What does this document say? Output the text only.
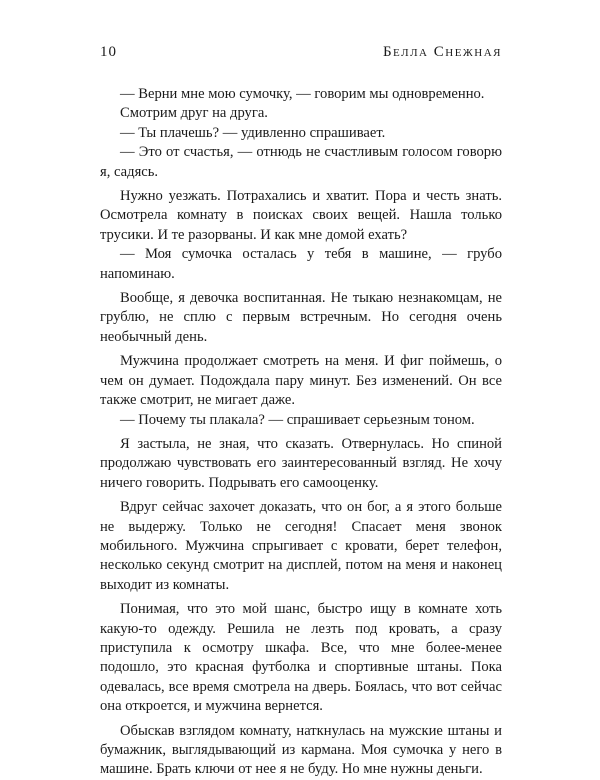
10	Белла Снежная

— Верни мне мою сумочку, — говорим мы одновременно.

Смотрим друг на друга.

— Ты плачешь? — удивленно спрашивает.

— Это от счастья, — отнюдь не счастливым голосом говорю я, садясь.

Нужно уезжать. Потрахались и хватит. Пора и честь знать. Осмотрела комнату в поисках своих вещей. Нашла только трусики. И те разорваны. И как мне домой ехать?

— Моя сумочка осталась у тебя в машине, — грубо напоминаю.

Вообще, я девочка воспитанная. Не тыкаю незнакомцам, не грублю, не сплю с первым встречным. Но сегодня очень необычный день.

Мужчина продолжает смотреть на меня. И фиг поймешь, о чем он думает. Подождала пару минут. Без изменений. Он все также смотрит, не мигает даже.

— Почему ты плакала? — спрашивает серьезным тоном.

Я застыла, не зная, что сказать. Отвернулась. Но спиной продолжаю чувствовать его заинтересованный взгляд. Не хочу ничего говорить. Подрывать его самооценку.

Вдруг сейчас захочет доказать, что он бог, а я этого больше не выдержу. Только не сегодня! Спасает меня звонок мобильного. Мужчина спрыгивает с кровати, берет телефон, несколько секунд смотрит на дисплей, потом на меня и наконец выходит из комнаты.

Понимая, что это мой шанс, быстро ищу в комнате хоть какую-то одежду. Решила не лезть под кровать, а сразу приступила к осмотру шкафа. Все, что мне более-менее подошло, это красная футболка и спортивные штаны. Пока одевалась, все время смотрела на дверь. Боялась, что вот сейчас она откроется, и мужчина вернется.

Обыскав взглядом комнату, наткнулась на мужские штаны и бумажник, выглядывающий из кармана. Моя сумочка у него в машине. Брать ключи от нее я не буду. Но мне нужны деньги.
